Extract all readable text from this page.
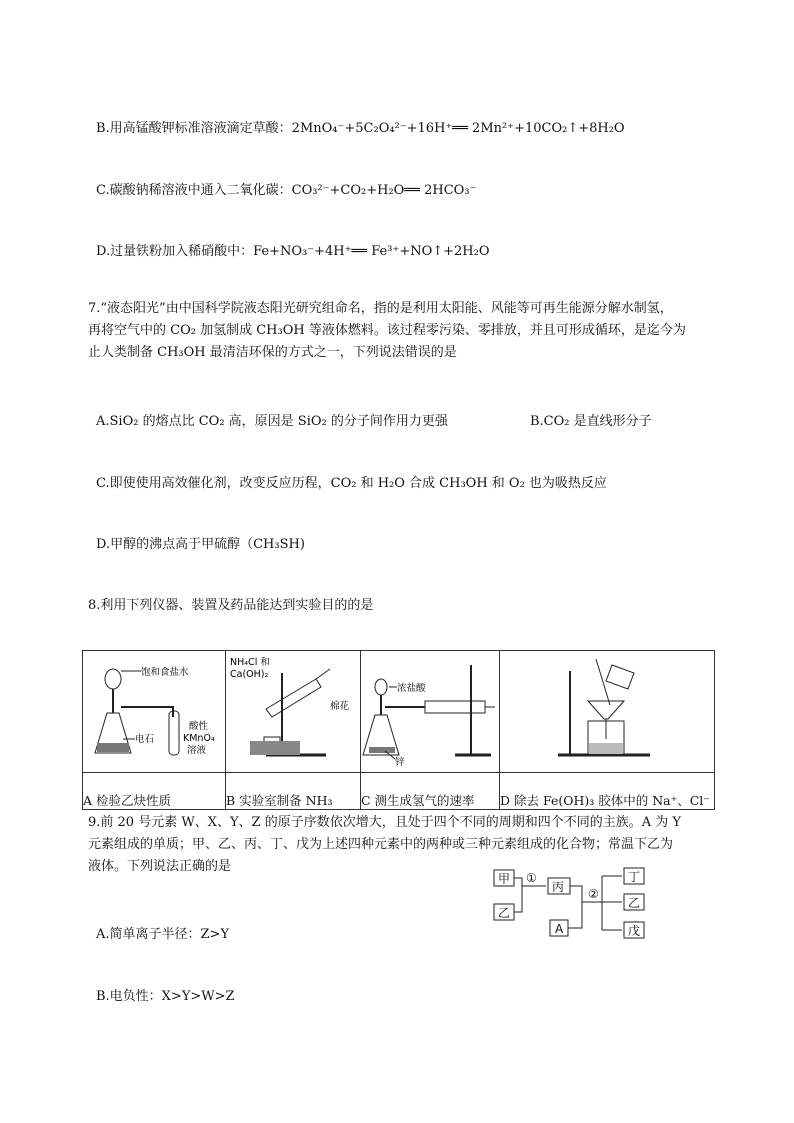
B.用高锰酸钾标准溶液滴定草酸：2MnO₄⁻+5C₂O₄²⁻+16H⁺══ 2Mn²⁺+10CO₂↑+8H₂O
C.碳酸钠稀溶液中通入二氧化碳：CO₃²⁻+CO₂+H₂O══ 2HCO₃⁻
D.过量铁粉加入稀硝酸中：Fe+NO₃⁻+4H⁺══ Fe³⁺+NO↑+2H₂O
7.“液态阳光”由中国科学院液态阳光研究组命名，指的是利用太阳能、风能等可再生能源分解水制氢，
再将空气中的 CO₂ 加氢制成 CH₃OH 等液体燃料。该过程零污染、零排放，并且可形成循环，是迄今为
止人类制备 CH₃OH 最清洁环保的方式之一，下列说法错误的是
A.SiO₂ 的熔点比 CO₂ 高，原因是 SiO₂ 的分子间作用力更强	B.CO₂ 是直线形分子
C.即使使用高效催化剂，改变反应历程，CO₂ 和 H₂O 合成 CH₃OH 和 O₂ 也为吸热反应
D.甲醇的沸点高于甲硫醇（CH₃SH)
8.利用下列仪器、装置及药品能达到实验目的的是
饱和食盐水
电石
酸性
KMnO₄
溶液	NH₄Cl 和
Ca(OH)₂
棉花	浓盐酸
锌

A 检验乙炔性质	B 实验室制备 NH₃	C 测生成氢气的速率	D 除去 Fe(OH)₃ 胶体中的 Na⁺、Cl⁻
9.前 20 号元素 W、X、Y、Z 的原子序数依次增大，且处于四个不同的周期和四个不同的主族。A 为 Y
元素组成的单质；甲、乙、丙、丁、戊为上述四种元素中的两种或三种元素组成的化合物；常温下乙为
液体。下列说法正确的是
甲
乙
丙
A
丁
乙
戊
①
②
A.简单离子半径：Z>Y
B.电负性：X>Y>W>Z
